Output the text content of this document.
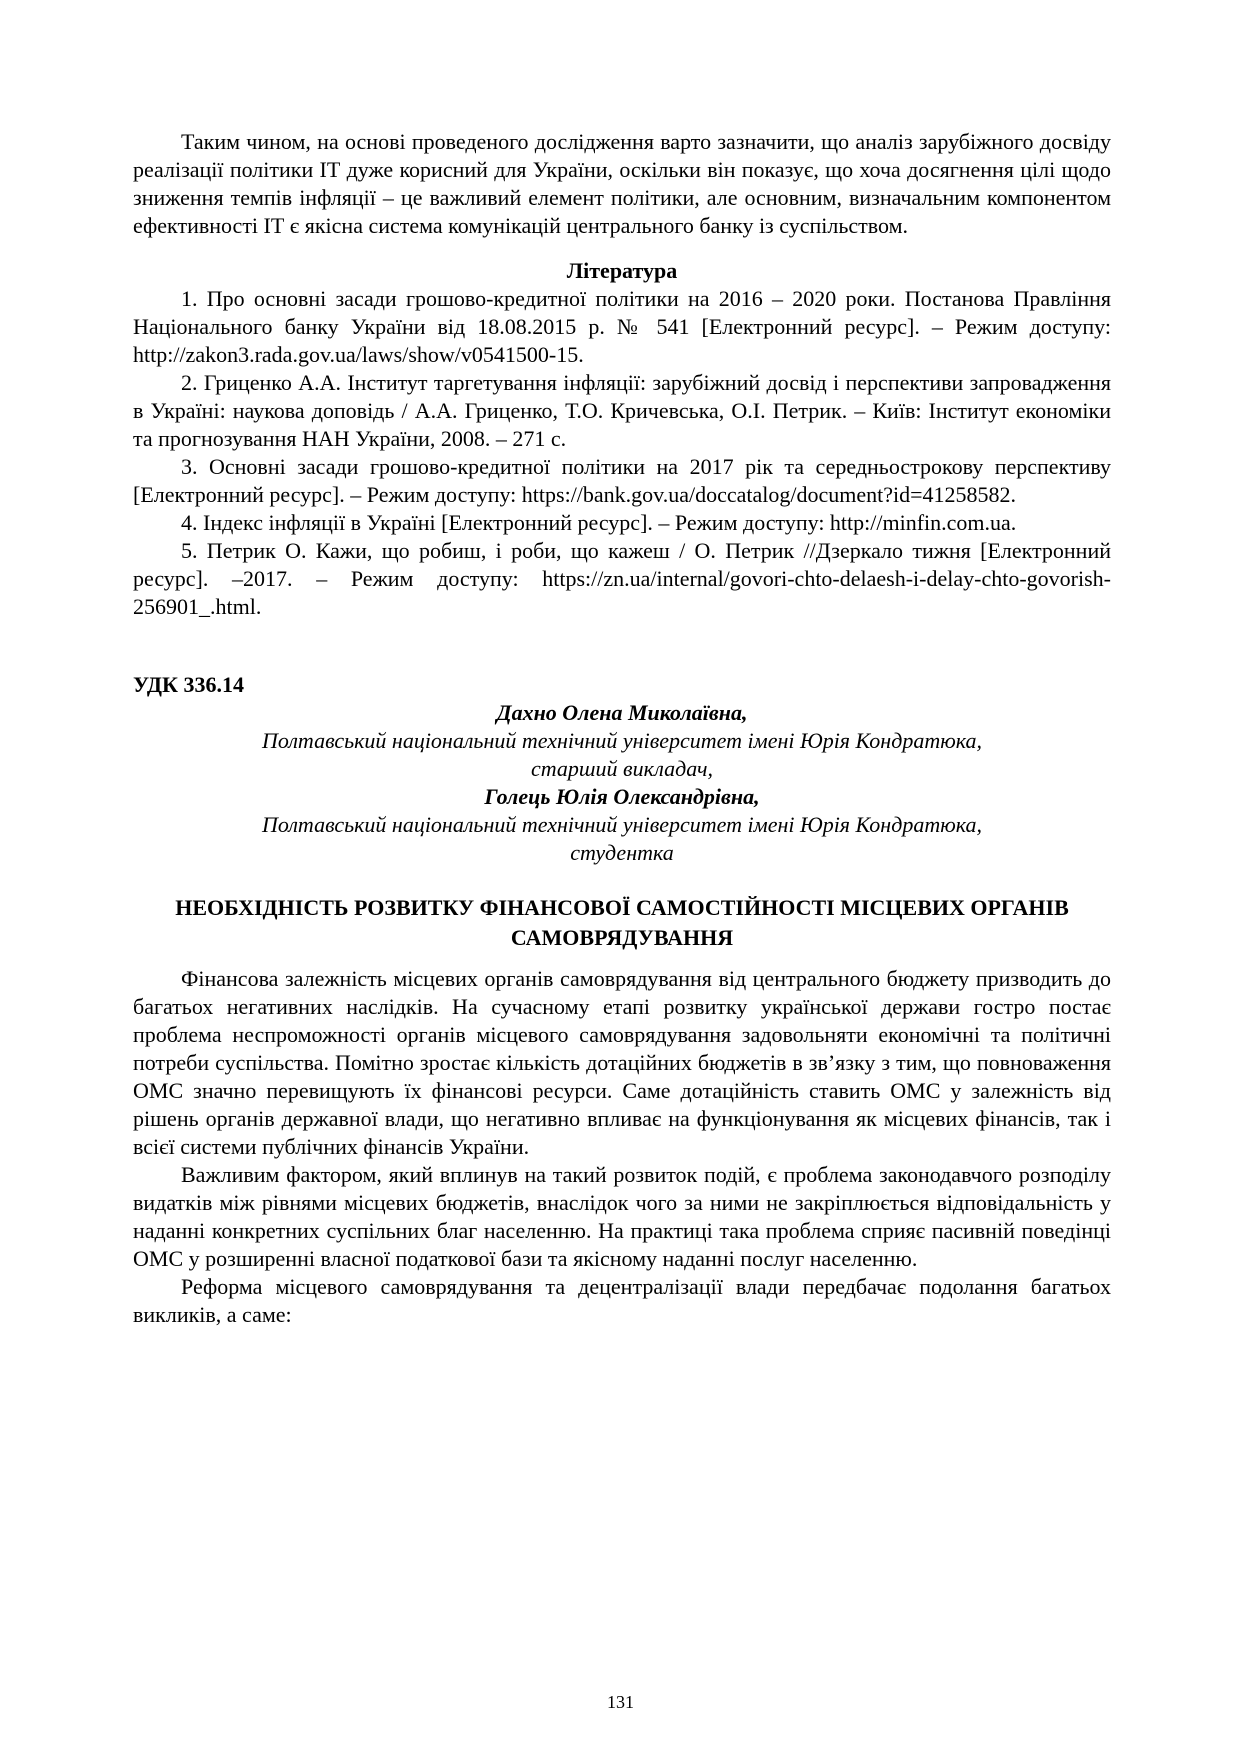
Таким чином, на основі проведеного дослідження варто зазначити, що аналіз зарубіжного досвіду реалізації політики ІТ дуже корисний для України, оскільки він показує, що хоча досягнення цілі щодо зниження темпів інфляції – це важливий елемент політики, але основним, визначальним компонентом ефективності ІТ є якісна система комунікацій центрального банку із суспільством.

Література

1. Про основні засади грошово-кредитної політики на 2016 – 2020 роки. Постанова Правління Національного банку України від 18.08.2015 р. № 541 [Електронний ресурс]. – Режим доступу: http://zakon3.rada.gov.ua/laws/show/v0541500-15.

2. Гриценко А.А. Інститут таргетування інфляції: зарубіжний досвід і перспективи запровадження в Україні: наукова доповідь / А.А. Гриценко, Т.О. Кричевська, О.І. Петрик. – Київ: Інститут економіки та прогнозування НАН України, 2008. – 271 с.

3. Основні засади грошово-кредитної політики на 2017 рік та середньострокову перспективу [Електронний ресурс]. – Режим доступу: https://bank.gov.ua/doccatalog/document?id=41258582.

4. Індекс інфляції в Україні [Електронний ресурс]. – Режим доступу: http://minfin.com.ua.

5. Петрик О. Кажи, що робиш, і роби, що кажеш / О. Петрик //Дзеркало тижня [Електронний ресурс]. –2017. – Режим доступу: https://zn.ua/internal/govori-chto-delaesh-i-delay-chto-govorish-256901_.html.

УДК 336.14

Дахно Олена Миколаївна,

Полтавський національний технічний університет імені Юрія Кондратюка,

старший викладач,

Голець Юлія Олександрівна,

Полтавський національний технічний університет імені Юрія Кондратюка,

студентка

НЕОБХІДНІСТЬ РОЗВИТКУ ФІНАНСОВОЇ САМОСТІЙНОСТІ МІСЦЕВИХ ОРГАНІВ САМОВРЯДУВАННЯ

Фінансова залежність місцевих органів самоврядування від центрального бюджету призводить до багатьох негативних наслідків. На сучасному етапі розвитку української держави гостро постає проблема неспроможності органів місцевого самоврядування задовольняти економічні та політичні потреби суспільства. Помітно зростає кількість дотаційних бюджетів в зв’язку з тим, що повноваження ОМС значно перевищують їх фінансові ресурси. Саме дотаційність ставить ОМС у залежність від рішень органів державної влади, що негативно впливає на функціонування як місцевих фінансів, так і всієї системи публічних фінансів України.

Важливим фактором, який вплинув на такий розвиток подій, є проблема законодавчого розподілу видатків між рівнями місцевих бюджетів, внаслідок чого за ними не закріплюється відповідальність у наданні конкретних суспільних благ населенню. На практиці така проблема сприяє пасивній поведінці ОМС у розширенні власної податкової бази та якісному наданні послуг населенню.

Реформа місцевого самоврядування та децентралізації влади передбачає подолання багатьох викликів, а саме:

131
